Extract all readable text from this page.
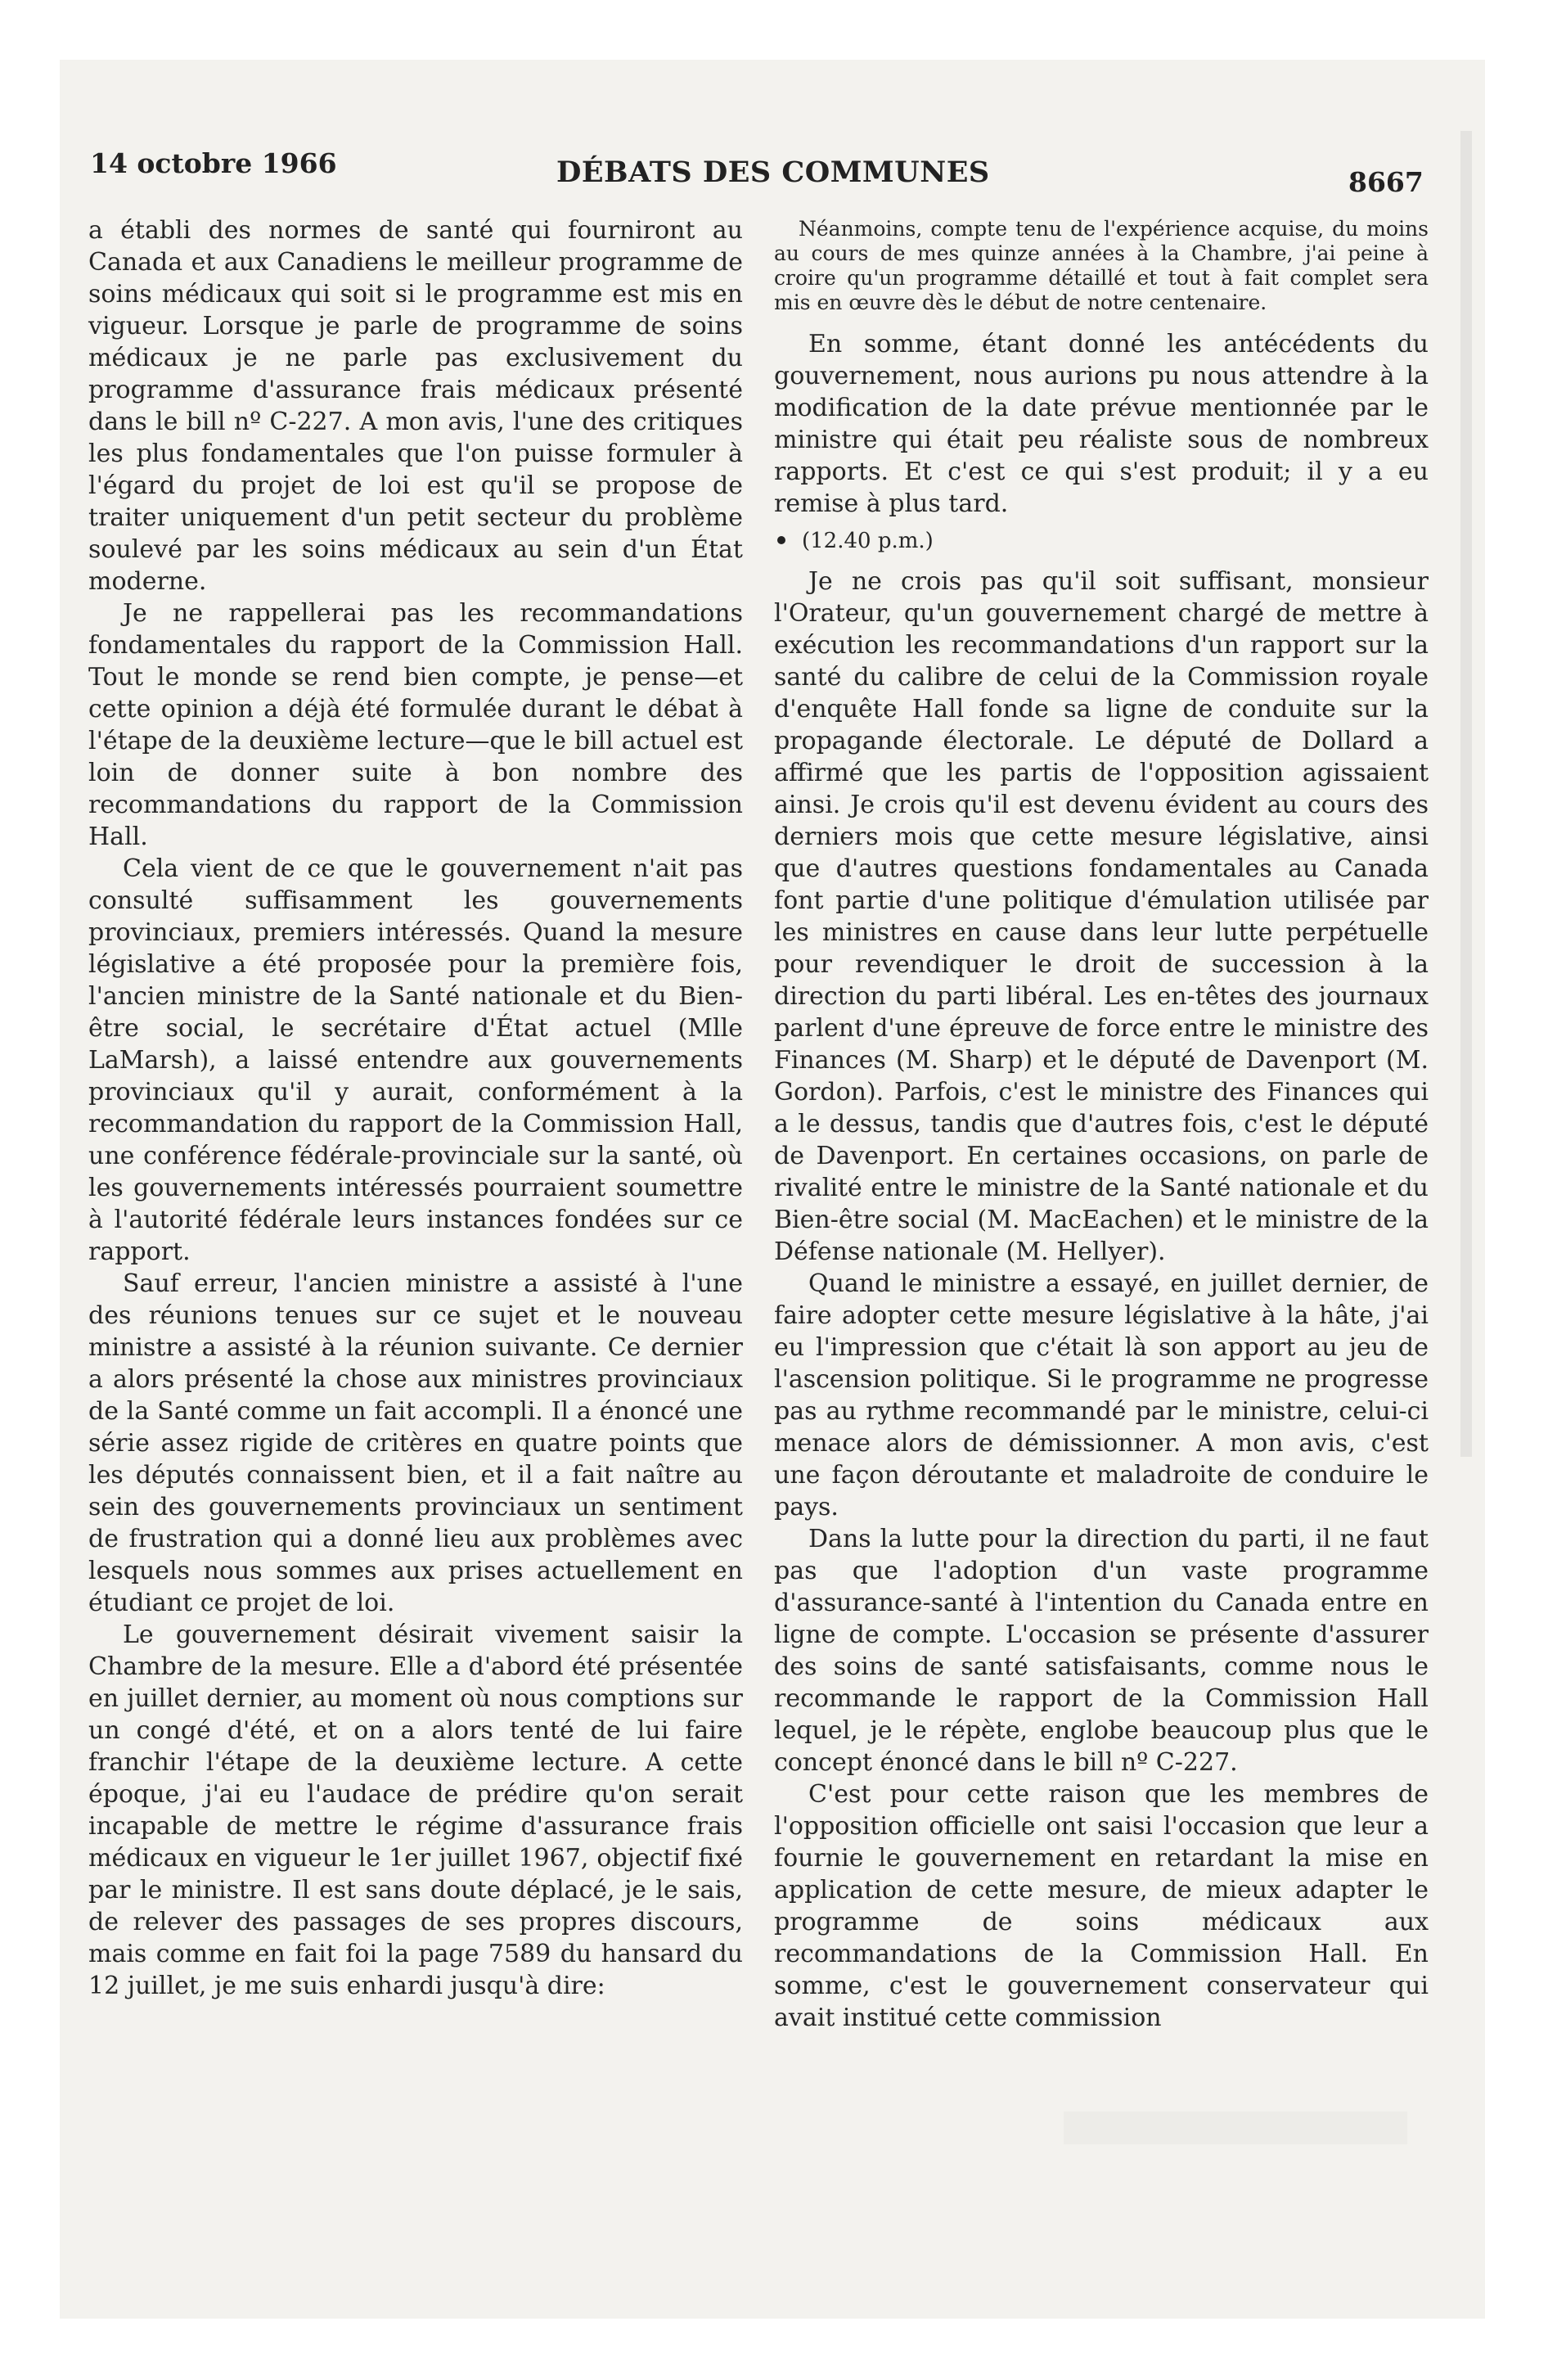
14 octobre 1966	DÉBATS DES COMMUNES	8667

a établi des normes de santé qui fourniront au Canada et aux Canadiens le meilleur programme de soins médicaux qui soit si le programme est mis en vigueur. Lorsque je parle de programme de soins médicaux je ne parle pas exclusivement du programme d'assurance frais médicaux présenté dans le bill nº C-227. A mon avis, l'une des critiques les plus fondamentales que l'on puisse formuler à l'égard du projet de loi est qu'il se propose de traiter uniquement d'un petit secteur du problème soulevé par les soins médicaux au sein d'un État moderne.

Je ne rappellerai pas les recommandations fondamentales du rapport de la Commission Hall. Tout le monde se rend bien compte, je pense—et cette opinion a déjà été formulée durant le débat à l'étape de la deuxième lecture—que le bill actuel est loin de donner suite à bon nombre des recommandations du rapport de la Commission Hall.

Cela vient de ce que le gouvernement n'ait pas consulté suffisamment les gouvernements provinciaux, premiers intéressés. Quand la mesure législative a été proposée pour la première fois, l'ancien ministre de la Santé nationale et du Bien-être social, le secrétaire d'État actuel (Mlle LaMarsh), a laissé entendre aux gouvernements provinciaux qu'il y aurait, conformément à la recommandation du rapport de la Commission Hall, une conférence fédérale-provinciale sur la santé, où les gouvernements intéressés pourraient soumettre à l'autorité fédérale leurs instances fondées sur ce rapport.

Sauf erreur, l'ancien ministre a assisté à l'une des réunions tenues sur ce sujet et le nouveau ministre a assisté à la réunion suivante. Ce dernier a alors présenté la chose aux ministres provinciaux de la Santé comme un fait accompli. Il a énoncé une série assez rigide de critères en quatre points que les députés connaissent bien, et il a fait naître au sein des gouvernements provinciaux un sentiment de frustration qui a donné lieu aux problèmes avec lesquels nous sommes aux prises actuellement en étudiant ce projet de loi.

Le gouvernement désirait vivement saisir la Chambre de la mesure. Elle a d'abord été présentée en juillet dernier, au moment où nous comptions sur un congé d'été, et on a alors tenté de lui faire franchir l'étape de la deuxième lecture. A cette époque, j'ai eu l'audace de prédire qu'on serait incapable de mettre le régime d'assurance frais médicaux en vigueur le 1er juillet 1967, objectif fixé par le ministre. Il est sans doute déplacé, je le sais, de relever des passages de ses propres discours, mais comme en fait foi la page 7589 du hansard du 12 juillet, je me suis enhardi jusqu'à dire:

Néanmoins, compte tenu de l'expérience acquise, du moins au cours de mes quinze années à la Chambre, j'ai peine à croire qu'un programme détaillé et tout à fait complet sera mis en œuvre dès le début de notre centenaire.

En somme, étant donné les antécédents du gouvernement, nous aurions pu nous attendre à la modification de la date prévue mentionnée par le ministre qui était peu réaliste sous de nombreux rapports. Et c'est ce qui s'est produit; il y a eu remise à plus tard.

(12.40 p.m.)

Je ne crois pas qu'il soit suffisant, monsieur l'Orateur, qu'un gouvernement chargé de mettre à exécution les recommandations d'un rapport sur la santé du calibre de celui de la Commission royale d'enquête Hall fonde sa ligne de conduite sur la propagande électorale. Le député de Dollard a affirmé que les partis de l'opposition agissaient ainsi. Je crois qu'il est devenu évident au cours des derniers mois que cette mesure législative, ainsi que d'autres questions fondamentales au Canada font partie d'une politique d'émulation utilisée par les ministres en cause dans leur lutte perpétuelle pour revendiquer le droit de succession à la direction du parti libéral. Les en-têtes des journaux parlent d'une épreuve de force entre le ministre des Finances (M. Sharp) et le député de Davenport (M. Gordon). Parfois, c'est le ministre des Finances qui a le dessus, tandis que d'autres fois, c'est le député de Davenport. En certaines occasions, on parle de rivalité entre le ministre de la Santé nationale et du Bien-être social (M. MacEachen) et le ministre de la Défense nationale (M. Hellyer).

Quand le ministre a essayé, en juillet dernier, de faire adopter cette mesure législative à la hâte, j'ai eu l'impression que c'était là son apport au jeu de l'ascension politique. Si le programme ne progresse pas au rythme recommandé par le ministre, celui-ci menace alors de démissionner. A mon avis, c'est une façon déroutante et maladroite de conduire le pays.

Dans la lutte pour la direction du parti, il ne faut pas que l'adoption d'un vaste programme d'assurance-santé à l'intention du Canada entre en ligne de compte. L'occasion se présente d'assurer des soins de santé satisfaisants, comme nous le recommande le rapport de la Commission Hall lequel, je le répète, englobe beaucoup plus que le concept énoncé dans le bill nº C-227.

C'est pour cette raison que les membres de l'opposition officielle ont saisi l'occasion que leur a fournie le gouvernement en retardant la mise en application de cette mesure, de mieux adapter le programme de soins médicaux aux recommandations de la Commission Hall. En somme, c'est le gouvernement conservateur qui avait institué cette commission
